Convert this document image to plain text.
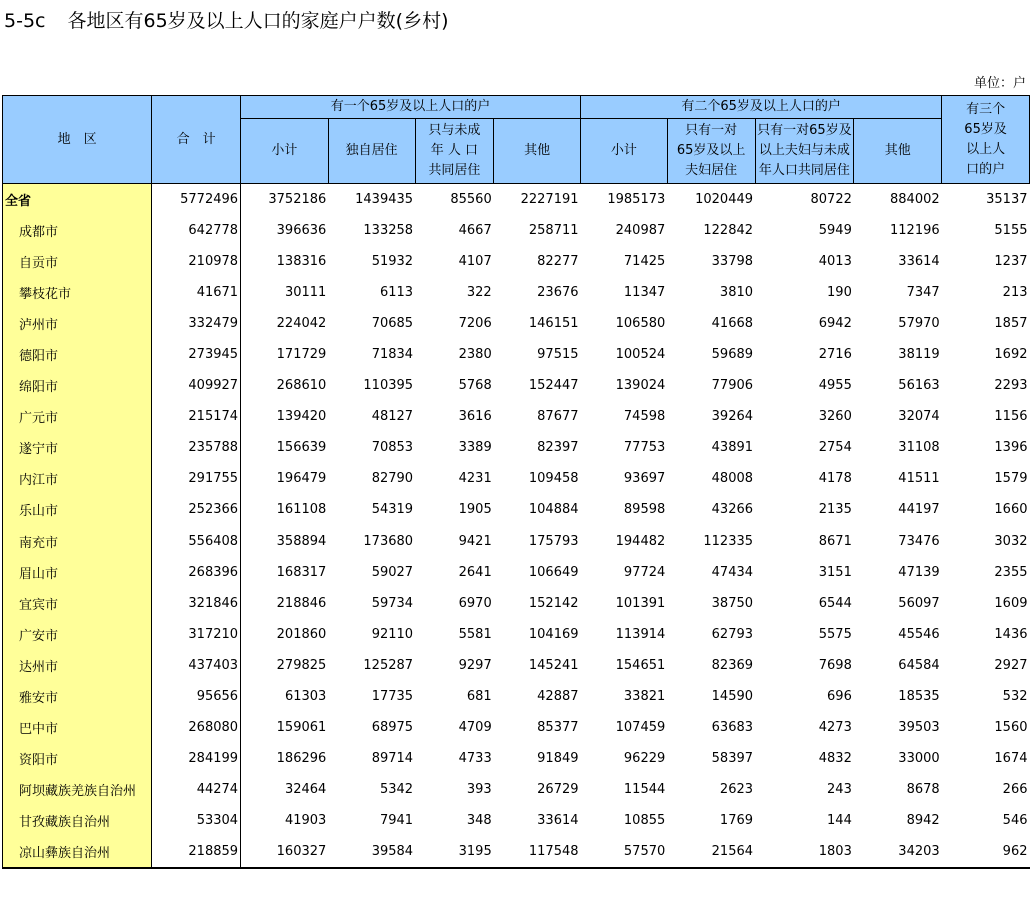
5-5c 各地区有65岁及以上人口的家庭户户数(乡村)
单位：户
地　区	合　计	有一个65岁及以上人口的户				有二个65岁及以上人口的户				有三个
65岁及
以上人
口的户

		小计	独自居住	只与未成
年 人 口
共同居住	其他	小计	只有一对
65岁及以上
夫妇居住	只有一对65岁及
以上夫妇与未成
年人口共同居住	其他	
全省	5772496	3752186	1439435	85560	2227191	1985173	1020449	80722	884002	35137
成都市	642778	396636	133258	4667	258711	240987	122842	5949	112196	5155
自贡市	210978	138316	51932	4107	82277	71425	33798	4013	33614	1237
攀枝花市	41671	30111	6113	322	23676	11347	3810	190	7347	213
泸州市	332479	224042	70685	7206	146151	106580	41668	6942	57970	1857
德阳市	273945	171729	71834	2380	97515	100524	59689	2716	38119	1692
绵阳市	409927	268610	110395	5768	152447	139024	77906	4955	56163	2293
广元市	215174	139420	48127	3616	87677	74598	39264	3260	32074	1156
遂宁市	235788	156639	70853	3389	82397	77753	43891	2754	31108	1396
内江市	291755	196479	82790	4231	109458	93697	48008	4178	41511	1579
乐山市	252366	161108	54319	1905	104884	89598	43266	2135	44197	1660
南充市	556408	358894	173680	9421	175793	194482	112335	8671	73476	3032
眉山市	268396	168317	59027	2641	106649	97724	47434	3151	47139	2355
宜宾市	321846	218846	59734	6970	152142	101391	38750	6544	56097	1609
广安市	317210	201860	92110	5581	104169	113914	62793	5575	45546	1436
达州市	437403	279825	125287	9297	145241	154651	82369	7698	64584	2927
雅安市	95656	61303	17735	681	42887	33821	14590	696	18535	532
巴中市	268080	159061	68975	4709	85377	107459	63683	4273	39503	1560
资阳市	284199	186296	89714	4733	91849	96229	58397	4832	33000	1674
阿坝藏族羌族自治州	44274	32464	5342	393	26729	11544	2623	243	8678	266
甘孜藏族自治州	53304	41903	7941	348	33614	10855	1769	144	8942	546
凉山彝族自治州	218859	160327	39584	3195	117548	57570	21564	1803	34203	962
